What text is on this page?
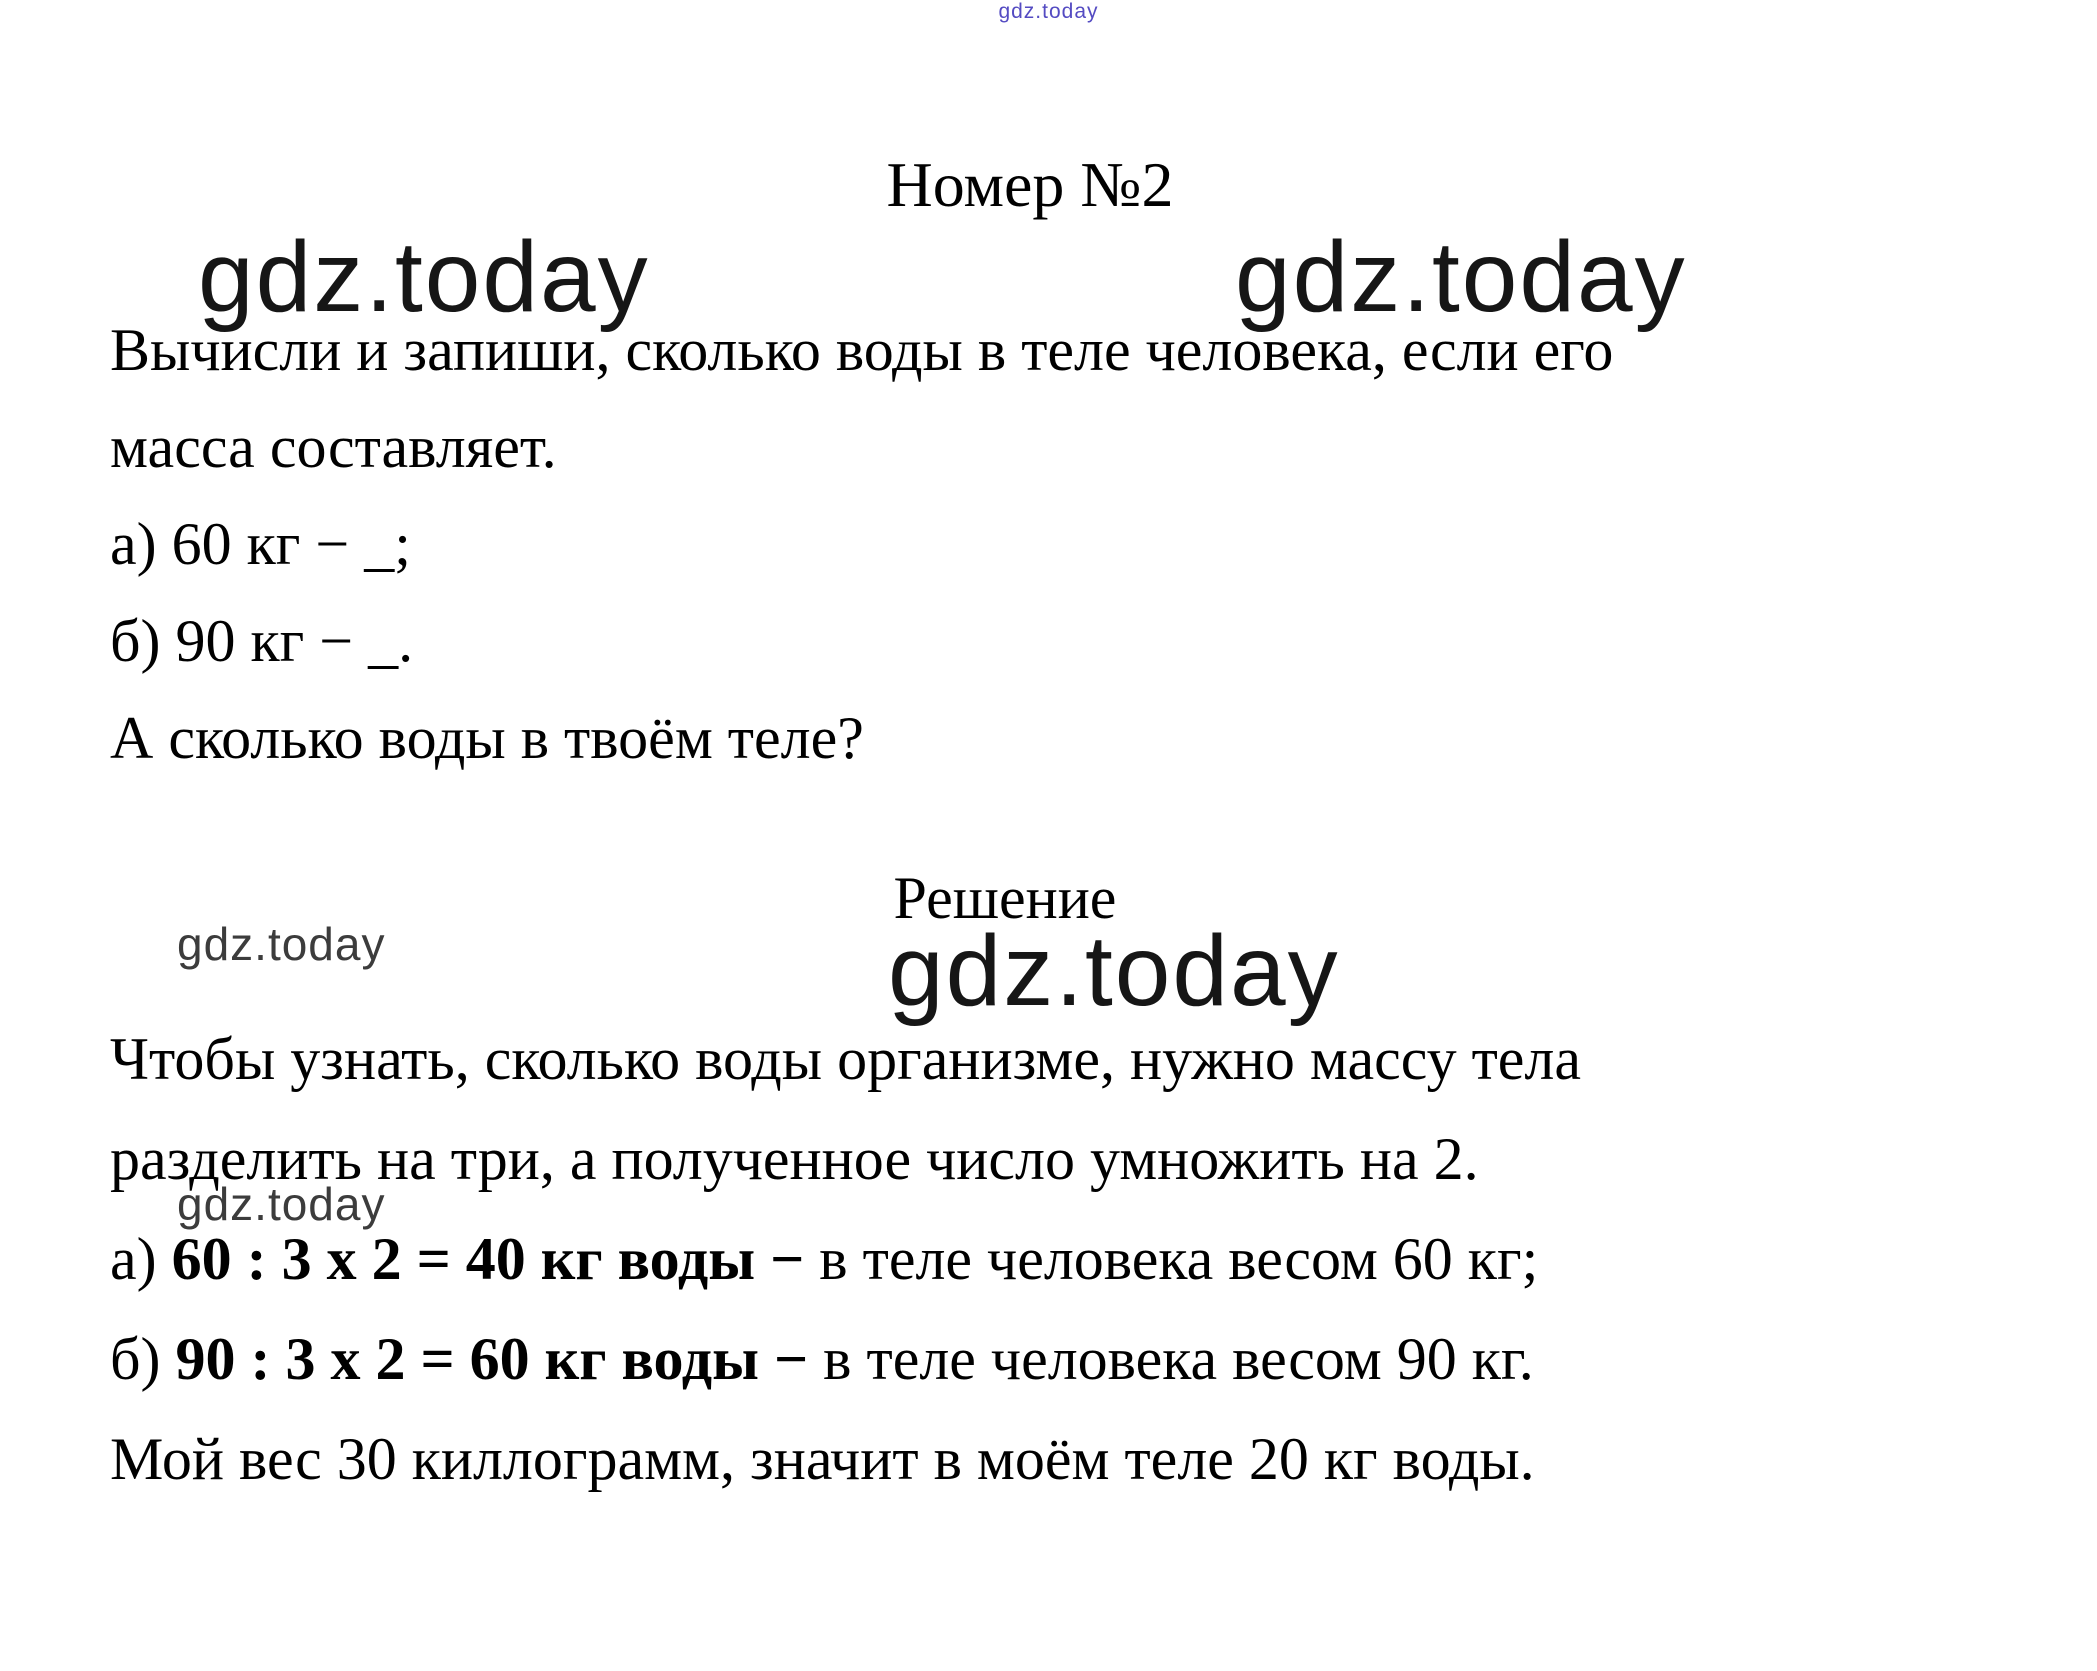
gdz.today
Номер №2
gdz.today	gdz.today
Вычисли и запиши, сколько воды в теле человека, если его
масса составляет.
а) 60 кг − _;
б) 90 кг − _.
А сколько воды в твоём теле?
Решение
gdz.today	gdz.today
gdz.today
Чтобы узнать, сколько воды организме, нужно массу тела
разделить на три, а полученное число умножить на 2.
а) 60 : 3 х 2 = 40 кг воды − в теле человека весом 60 кг;
б) 90 : 3 х 2 = 60 кг воды − в теле человека весом 90 кг.
Мой вес 30 киллограмм, значит в моём теле 20 кг воды.
